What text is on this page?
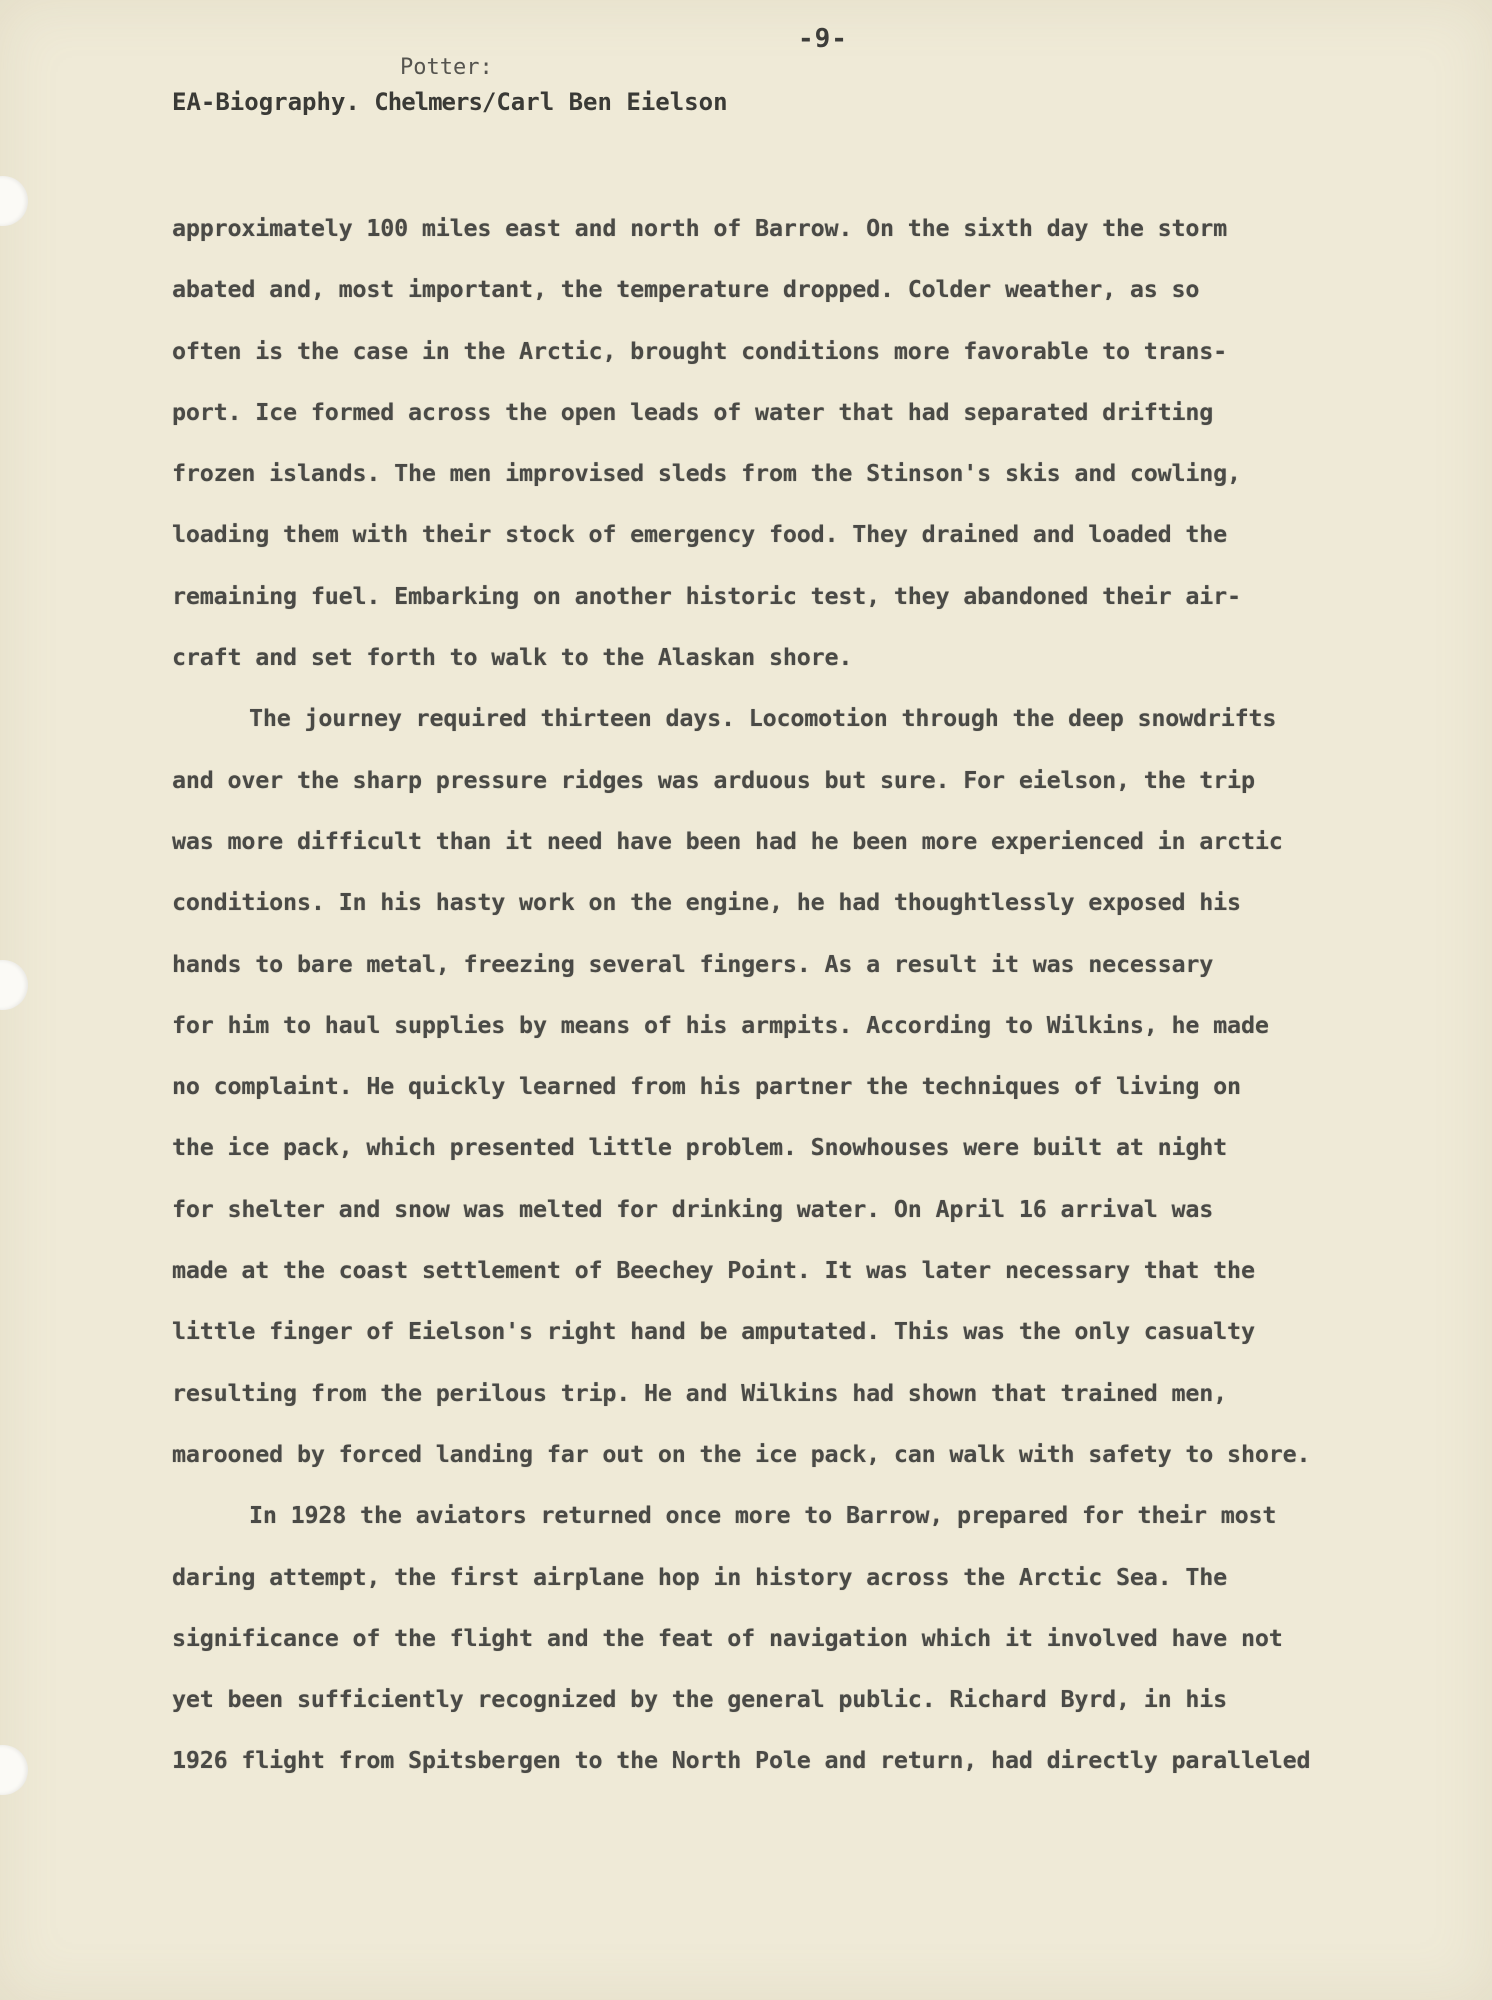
-9-
Potter:
EA-Biography. Chelmers/Carl Ben Eielson
approximately 100 miles east and north of Barrow. On the sixth day the storm
abated and, most important, the temperature dropped. Colder weather, as so
often is the case in the Arctic, brought conditions more favorable to trans-
port. Ice formed across the open leads of water that had separated drifting
frozen islands. The men improvised sleds from the Stinson's skis and cowling,
loading them with their stock of emergency food. They drained and loaded the
remaining fuel. Embarking on another historic test, they abandoned their air-
craft and set forth to walk to the Alaskan shore.
The journey required thirteen days. Locomotion through the deep snowdrifts
and over the sharp pressure ridges was arduous but sure. For eielson, the trip
was more difficult than it need have been had he been more experienced in arctic
conditions. In his hasty work on the engine, he had thoughtlessly exposed his
hands to bare metal, freezing several fingers. As a result it was necessary
for him to haul supplies by means of his armpits. According to Wilkins, he made
no complaint. He quickly learned from his partner the techniques of living on
the ice pack, which presented little problem. Snowhouses were built at night
for shelter and snow was melted for drinking water. On April 16 arrival was
made at the coast settlement of Beechey Point. It was later necessary that the
little finger of Eielson's right hand be amputated. This was the only casualty
resulting from the perilous trip. He and Wilkins had shown that trained men,
marooned by forced landing far out on the ice pack, can walk with safety to shore.
In 1928 the aviators returned once more to Barrow, prepared for their most
daring attempt, the first airplane hop in history across the Arctic Sea. The
significance of the flight and the feat of navigation which it involved have not
yet been sufficiently recognized by the general public. Richard Byrd, in his
1926 flight from Spitsbergen to the North Pole and return, had directly paralleled
